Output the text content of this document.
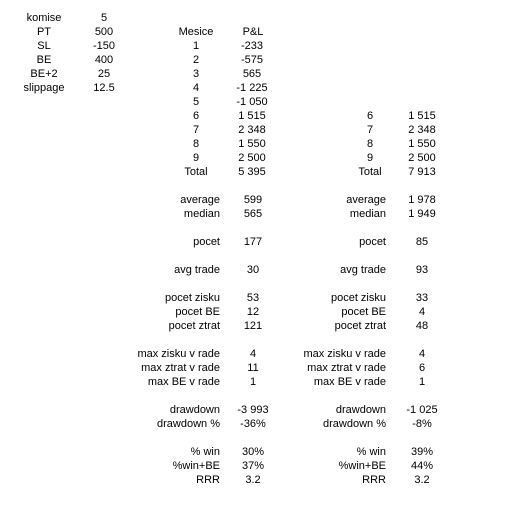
komise	5
PT	500
SL	-150
BE	400
BE+2	25
slippage	12.5
Mesice	P&L
1	-233
2	-575
3	565
4	-1 225
5	-1 050
6	1 515
7	2 348
8	1 550
9	2 500
Total	5 395
average	599
median	565
pocet	177
avg trade	30
pocet zisku	53
pocet BE	12
pocet ztrat	121
max zisku v rade	4
max ztrat v rade	11
max BE v rade	1
drawdown	-3 993
drawdown %	-36%
% win	30%
%win+BE	37%
RRR	3.2
6	1 515
7	2 348
8	1 550
9	2 500
Total	7 913
average	1 978
median	1 949
pocet	85
avg trade	93
pocet zisku	33
pocet BE	4
pocet ztrat	48
max zisku v rade	4
max ztrat v rade	6
max BE v rade	1
drawdown	-1 025
drawdown %	-8%
% win	39%
%win+BE	44%
RRR	3.2
